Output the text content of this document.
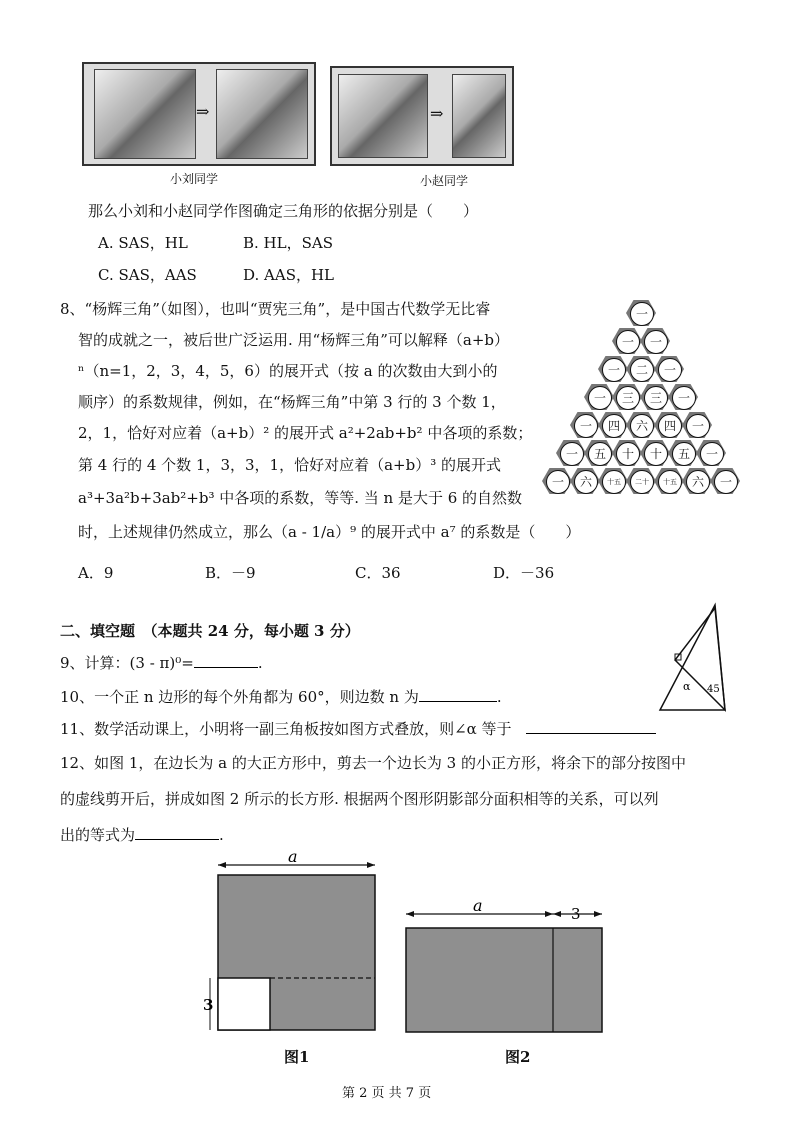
⇒
小刘同学
⇒
小赵同学
那么小刘和小赵同学作图确定三角形的依据分别是（　　）
A. SAS，HL	B. HL，SAS
C. SAS，AAS	D. AAS，HL
8、“杨辉三角”（如图），也叫“贾宪三角”，是中国古代数学无比睿
智的成就之一，被后世广泛运用. 用“杨辉三角”可以解释（a+b）
ⁿ（n=1，2，3，4，5，6）的展开式（按 a 的次数由大到小的
顺序）的系数规律，例如，在“杨辉三角”中第 3 行的 3 个数 1，
2，1，恰好对应着（a+b）² 的展开式 a²+2ab+b² 中各项的系数；
第 4 行的 4 个数 1，3，3，1，恰好对应着（a+b）³ 的展开式
a³+3a²b+3ab²+b³ 中各项的系数，等等. 当 n 是大于 6 的自然数
时，上述规律仍然成立，那么（a - 1/a）⁹ 的展开式中 a⁷ 的系数是（　　）
A．9	B．－9	C．36	D．－36
一
一	一
一	二	一
一	三	三	一
一	四	六	四	一
一	五	十	十	五	一
一	六	十五	二十	十五	六	一
二、填空题　（本题共 24 分，每小题 3 分）
9、计算：(3 - π)⁰=	.
10、一个正 n 边形的每个外角都为 60°，则边数 n 为	.
11、数学活动课上，小明将一副三角板按如图方式叠放，则∠α 等于
12、如图 1，在边长为 a 的大正方形中，剪去一个边长为 3 的小正方形，将余下的部分按图中
的虚线剪开后，拼成如图 2 所示的长方形. 根据两个图形阴影部分面积相等的关系，可以列
出的等式为	.
α 45
a
3
图1
a	3
图2
第 2 页 共 7 页
